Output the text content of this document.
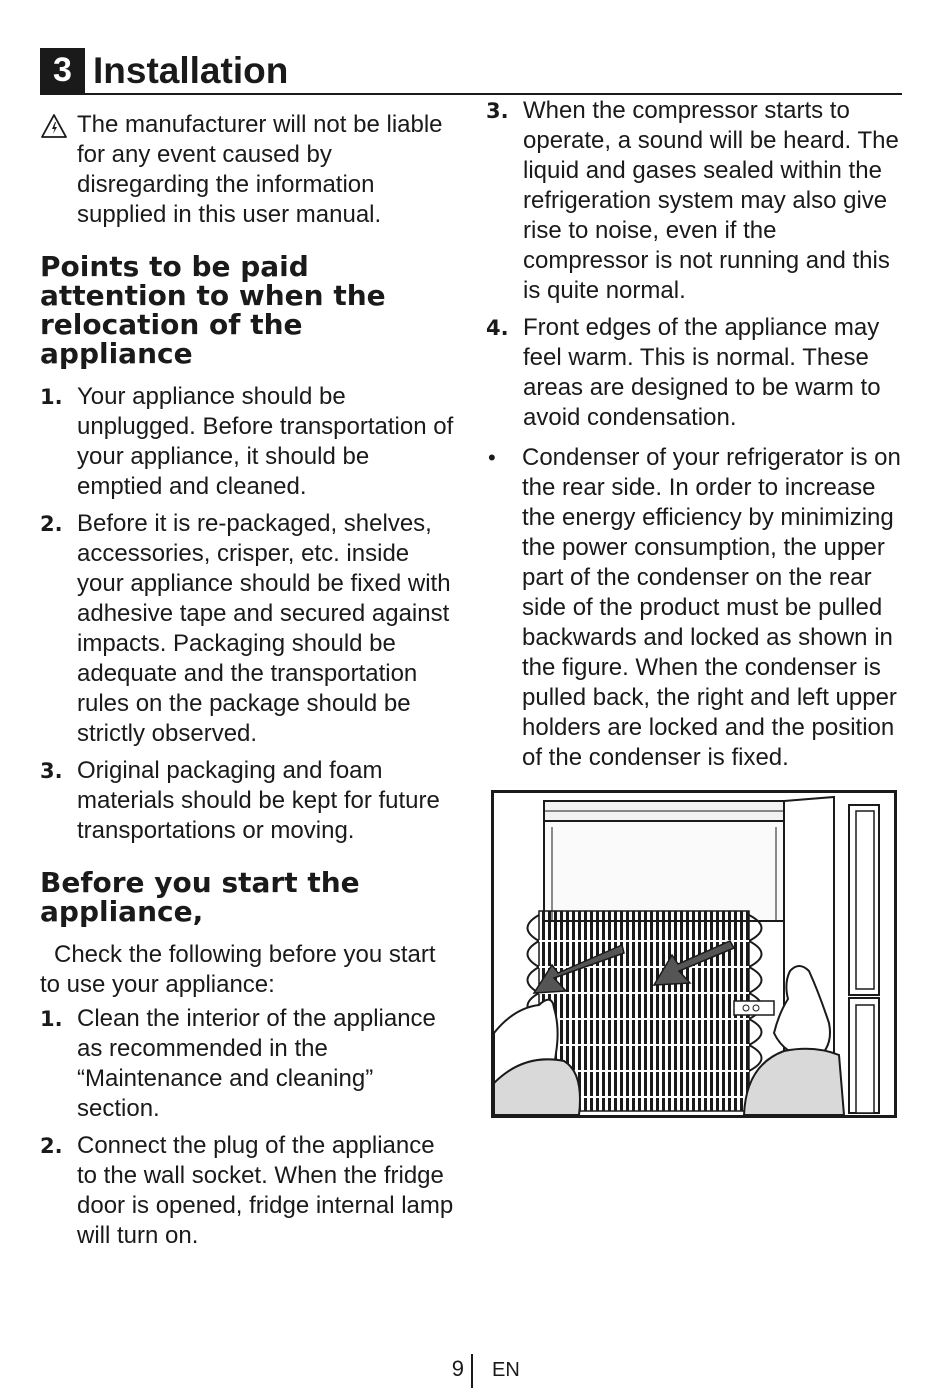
3 Installation
The manufacturer will not be liable for any event caused by disregarding the information supplied in this user manual.
Points to be paid attention to when the relocation of the appliance
1. Your appliance should be unplugged. Before transportation of your appliance, it should be emptied and cleaned.
2. Before it is re-packaged, shelves, accessories, crisper, etc. inside your appliance should be fixed with adhesive tape and secured against impacts. Packaging should be adequate and the transportation rules on the package should be strictly observed.
3. Original packaging and foam materials should be kept for future transportations or moving.
Before you start the appliance,

Check the following before you start to use your appliance:

1. Clean the interior of the appliance as recommended in the “Maintenance and cleaning” section.
2. Connect the plug of the appliance to the wall socket. When the fridge door is opened, fridge internal lamp will turn on.
3. When the compressor starts to operate, a sound will be heard. The liquid and gases sealed within the refrigeration system may also give rise to noise, even if the compressor is not running and this is quite normal.
4. Front edges of the appliance may feel warm. This is normal. These areas are designed to be warm to avoid condensation.
• Condenser of your refrigerator is on the rear side. In order to increase the energy efficiency by minimizing the power consumption, the upper part of the condenser on the rear side of the product must be pulled backwards and locked as shown in the figure. When the condenser is pulled back, the right and left upper holders are locked and the position of the condenser is fixed.
9 EN
